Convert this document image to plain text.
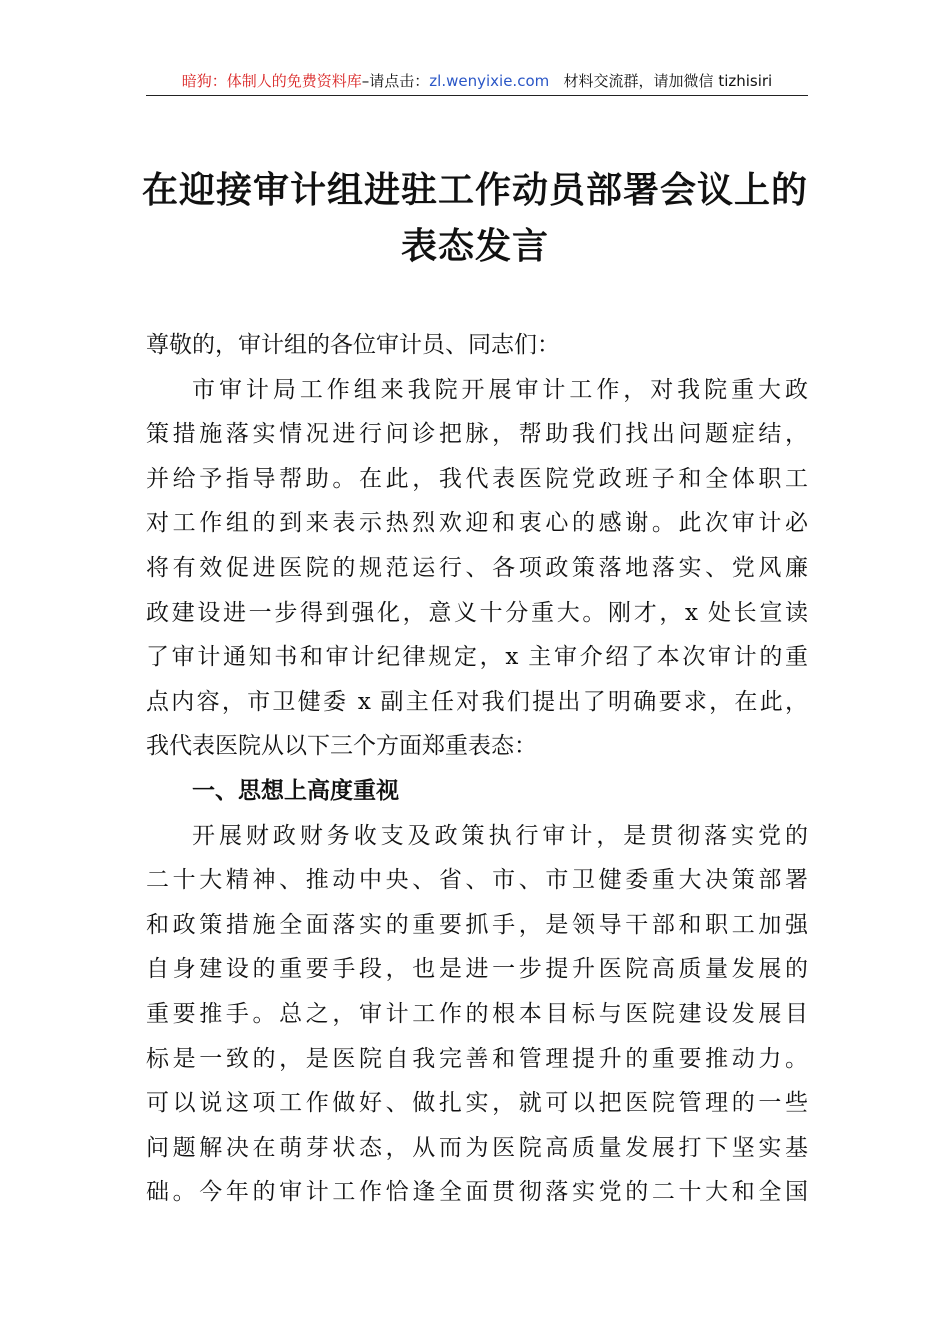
暗狗：体制人的免费资料库–请点击：zl.wenyixie.com 材料交流群，请加微信 tizhisiri
在迎接审计组进驻工作动员部署会议上的
表态发言
尊敬的，审计组的各位审计员、同志们：
市审计局工作组来我院开展审计工作，对我院重大政
策措施落实情况进行问诊把脉，帮助我们找出问题症结，
并给予指导帮助。在此，我代表医院党政班子和全体职工
对工作组的到来表示热烈欢迎和衷心的感谢。此次审计必
将有效促进医院的规范运行、各项政策落地落实、党风廉
政建设进一步得到强化，意义十分重大。刚才，x 处长宣读
了审计通知书和审计纪律规定，x 主审介绍了本次审计的重
点内容，市卫健委 x 副主任对我们提出了明确要求，在此，
我代表医院从以下三个方面郑重表态：
一、思想上高度重视
开展财政财务收支及政策执行审计，是贯彻落实党的
二十大精神、推动中央、省、市、市卫健委重大决策部署
和政策措施全面落实的重要抓手，是领导干部和职工加强
自身建设的重要手段，也是进一步提升医院高质量发展的
重要推手。总之，审计工作的根本目标与医院建设发展目
标是一致的，是医院自我完善和管理提升的重要推动力。
可以说这项工作做好、做扎实，就可以把医院管理的一些
问题解决在萌芽状态，从而为医院高质量发展打下坚实基
础。今年的审计工作恰逢全面贯彻落实党的二十大和全国
